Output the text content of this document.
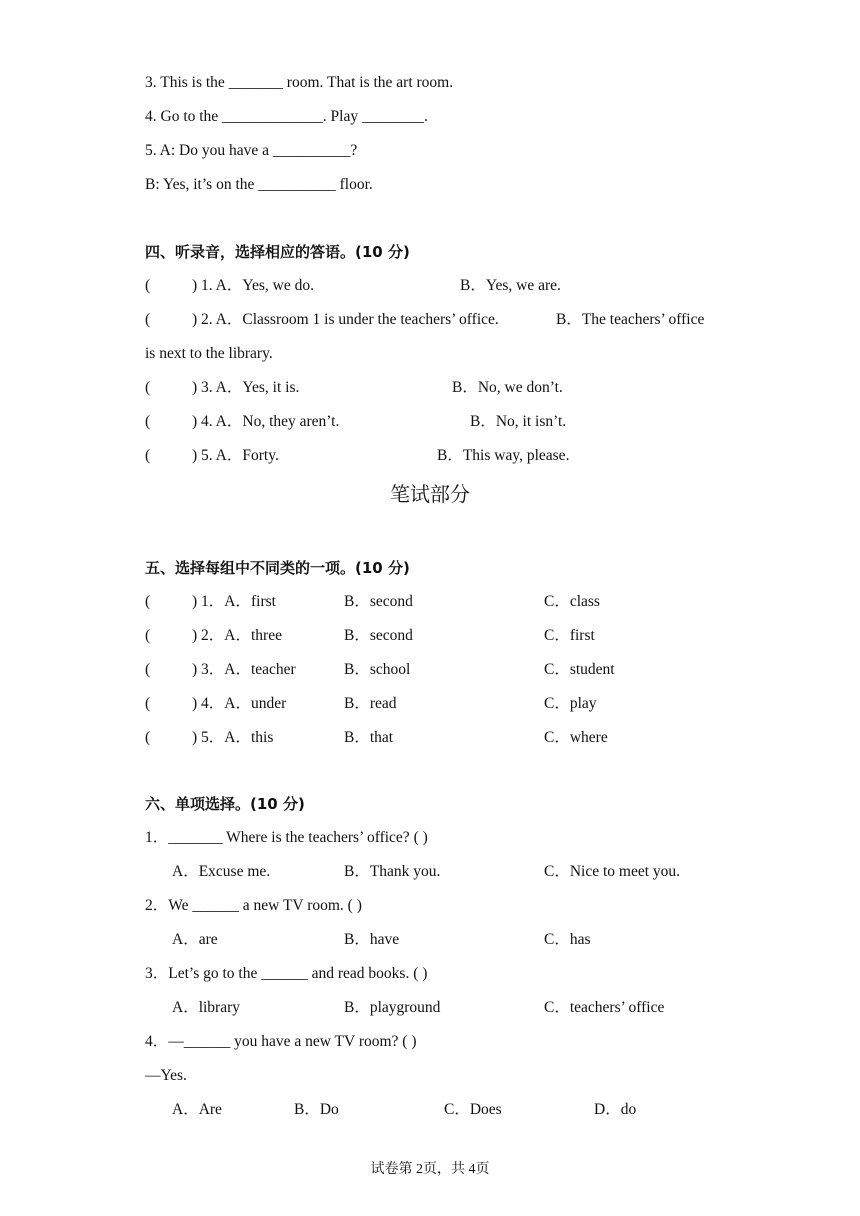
3. This is the _______ room. That is the art room.
4. Go to the _____________. Play ________.
5. A: Do you have a __________?
B: Yes, it’s on the __________ floor.
四、听录音，选择相应的答语。(10 分)
(	) 1. A．Yes, we do.	B．Yes, we are.
(	) 2. A．Classroom 1 is under the teachers’ office.	B．The teachers’ office
is next to the library.
(	) 3. A．Yes, it is.	B．No, we don’t.
(	) 4. A．No, they aren’t.	B．No, it isn’t.
(	) 5. A．Forty.	B．This way, please.
笔试部分
五、选择每组中不同类的一项。(10 分)
(	) 1．A．first	B．second	C．class
(	) 2．A．three	B．second	C．first
(	) 3．A．teacher	B．school	C．student
(	) 4．A．under	B．read	C．play
(	) 5．A．this	B．that	C．where
六、单项选择。(10 分)
1．_______ Where is the teachers’ office? ( )
A．Excuse me.	B．Thank you.	C．Nice to meet you.
2．We ______ a new TV room. ( )
A．are	B．have	C．has
3．Let’s go to the ______ and read books. ( )
A．library	B．playground	C．teachers’ office
4．—______ you have a new TV room? ( )
—Yes.
A．Are	B．Do	C．Does	D．do
试卷第 2页，共 4页
